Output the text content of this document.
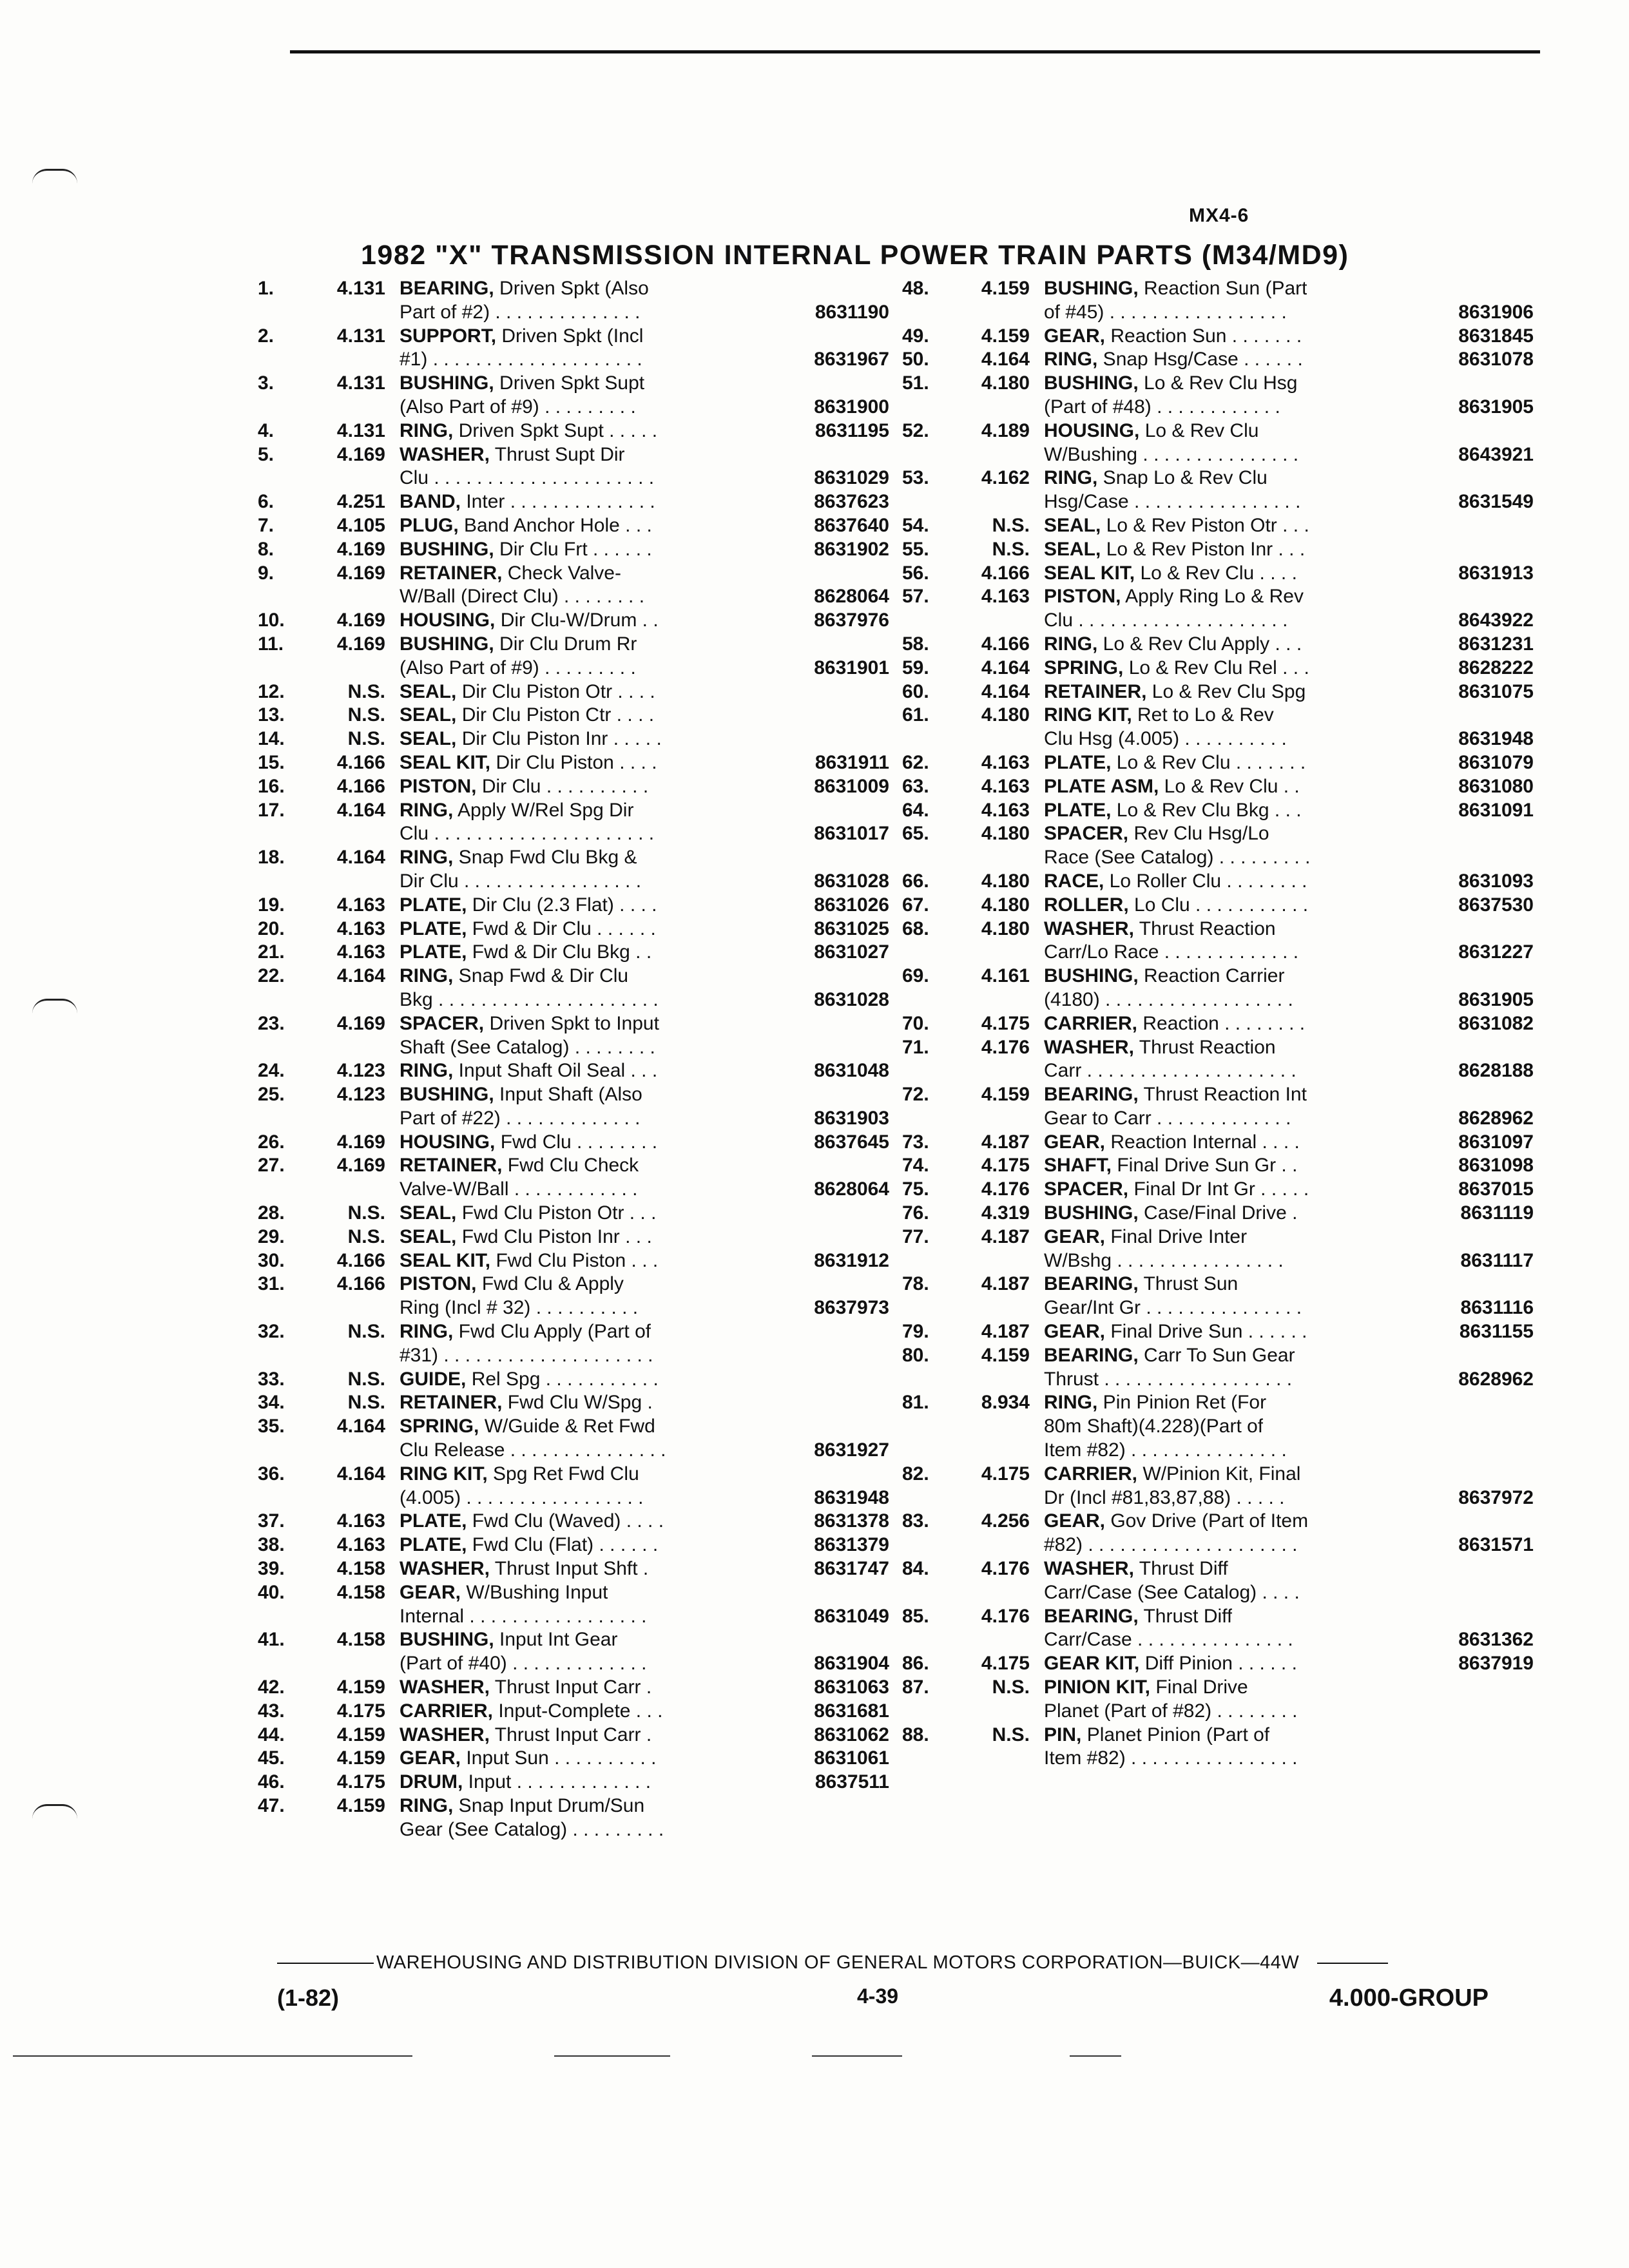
MX4-6
1982 "X" TRANSMISSION INTERNAL POWER TRAIN PARTS (M34/MD9)
1.	4.131 BEARING, Driven Spkt (Also
Part of #2) . . . . . . . . . . . . . .	8631190
2.	4.131 SUPPORT, Driven Spkt (Incl
#1) . . . . . . . . . . . . . . . . . . . .	8631967
3.	4.131 BUSHING, Driven Spkt Supt
(Also Part of #9) . . . . . . . . .	8631900
4.	4.131 RING, Driven Spkt Supt . . . . .	8631195
5.	4.169 WASHER, Thrust Supt Dir
Clu . . . . . . . . . . . . . . . . . . . . .	8631029
6.	4.251 BAND, Inter . . . . . . . . . . . . . .	8637623
7.	4.105 PLUG, Band Anchor Hole . . .	8637640
8.	4.169 BUSHING, Dir Clu Frt . . . . . .	8631902
9.	4.169 RETAINER, Check Valve-
W/Ball (Direct Clu) . . . . . . . .	8628064
10.	4.169 HOUSING, Dir Clu-W/Drum . .	8637976
11.	4.169 BUSHING, Dir Clu Drum Rr
(Also Part of #9) . . . . . . . . .	8631901
12.	N.S. SEAL, Dir Clu Piston Otr . . . .
13.	N.S. SEAL, Dir Clu Piston Ctr . . . .
14.	N.S. SEAL, Dir Clu Piston Inr . . . . .
15.	4.166 SEAL KIT, Dir Clu Piston . . . .	8631911
16.	4.166 PISTON, Dir Clu . . . . . . . . . .	8631009
17.	4.164 RING, Apply W/Rel Spg Dir
Clu . . . . . . . . . . . . . . . . . . . . .	8631017
18.	4.164 RING, Snap Fwd Clu Bkg &
Dir Clu . . . . . . . . . . . . . . . . .	8631028
19.	4.163 PLATE, Dir Clu (2.3 Flat) . . . .	8631026
20.	4.163 PLATE, Fwd & Dir Clu . . . . . .	8631025
21.	4.163 PLATE, Fwd & Dir Clu Bkg . .	8631027
22.	4.164 RING, Snap Fwd & Dir Clu
Bkg . . . . . . . . . . . . . . . . . . . . .	8631028
23.	4.169 SPACER, Driven Spkt to Input
Shaft (See Catalog) . . . . . . . .
24.	4.123 RING, Input Shaft Oil Seal . . .	8631048
25.	4.123 BUSHING, Input Shaft (Also
Part of #22) . . . . . . . . . . . . .	8631903
26.	4.169 HOUSING, Fwd Clu . . . . . . . .	8637645
27.	4.169 RETAINER, Fwd Clu Check
Valve-W/Ball . . . . . . . . . . . .	8628064
28.	N.S. SEAL, Fwd Clu Piston Otr . . .
29.	N.S. SEAL, Fwd Clu Piston Inr . . .
30.	4.166 SEAL KIT, Fwd Clu Piston . . .	8631912
31.	4.166 PISTON, Fwd Clu & Apply
Ring (Incl # 32) . . . . . . . . . .	8637973
32.	N.S. RING, Fwd Clu Apply (Part of
#31) . . . . . . . . . . . . . . . . . . . .
33.	N.S. GUIDE, Rel Spg . . . . . . . . . . .
34.	N.S. RETAINER, Fwd Clu W/Spg .
35.	4.164 SPRING, W/Guide & Ret Fwd
Clu Release . . . . . . . . . . . . . . .	8631927
36.	4.164 RING KIT, Spg Ret Fwd Clu
(4.005) . . . . . . . . . . . . . . . . .	8631948
37.	4.163 PLATE, Fwd Clu (Waved) . . . .	8631378
38.	4.163 PLATE, Fwd Clu (Flat) . . . . . .	8631379
39.	4.158 WASHER, Thrust Input Shft .	8631747
40.	4.158 GEAR, W/Bushing Input
Internal . . . . . . . . . . . . . . . . .	8631049
41.	4.158 BUSHING, Input Int Gear
(Part of #40) . . . . . . . . . . . . .	8631904
42.	4.159 WASHER, Thrust Input Carr .	8631063
43.	4.175 CARRIER, Input-Complete . . .	8631681
44.	4.159 WASHER, Thrust Input Carr .	8631062
45.	4.159 GEAR, Input Sun . . . . . . . . . .	8631061
46.	4.175 DRUM, Input . . . . . . . . . . . . .	8637511
47.	4.159 RING, Snap Input Drum/Sun
Gear (See Catalog) . . . . . . . . .
48.	4.159 BUSHING, Reaction Sun (Part
of #45) . . . . . . . . . . . . . . . . .	8631906
49.	4.159 GEAR, Reaction Sun . . . . . . .	8631845
50.	4.164 RING, Snap Hsg/Case . . . . . .	8631078
51.	4.180 BUSHING, Lo & Rev Clu Hsg
(Part of #48) . . . . . . . . . . . .	8631905
52.	4.189 HOUSING, Lo & Rev Clu
W/Bushing . . . . . . . . . . . . . . .	8643921
53.	4.162 RING, Snap Lo & Rev Clu
Hsg/Case . . . . . . . . . . . . . . . .	8631549
54.	N.S. SEAL, Lo & Rev Piston Otr . . .
55.	N.S. SEAL, Lo & Rev Piston Inr . . .
56.	4.166 SEAL KIT, Lo & Rev Clu . . . .	8631913
57.	4.163 PISTON, Apply Ring Lo & Rev
Clu . . . . . . . . . . . . . . . . . . . .	8643922
58.	4.166 RING, Lo & Rev Clu Apply . . .	8631231
59.	4.164 SPRING, Lo & Rev Clu Rel . . .	8628222
60.	4.164 RETAINER, Lo & Rev Clu Spg	8631075
61.	4.180 RING KIT, Ret to Lo & Rev
Clu Hsg (4.005) . . . . . . . . . .	8631948
62.	4.163 PLATE, Lo & Rev Clu . . . . . . .	8631079
63.	4.163 PLATE ASM, Lo & Rev Clu . .	8631080
64.	4.163 PLATE, Lo & Rev Clu Bkg . . .	8631091
65.	4.180 SPACER, Rev Clu Hsg/Lo
Race (See Catalog) . . . . . . . . .
66.	4.180 RACE, Lo Roller Clu . . . . . . . .	8631093
67.	4.180 ROLLER, Lo Clu . . . . . . . . . . .	8637530
68.	4.180 WASHER, Thrust Reaction
Carr/Lo Race . . . . . . . . . . . . .	8631227
69.	4.161 BUSHING, Reaction Carrier
(4180) . . . . . . . . . . . . . . . . . .	8631905
70.	4.175 CARRIER, Reaction . . . . . . . .	8631082
71.	4.176 WASHER, Thrust Reaction
Carr . . . . . . . . . . . . . . . . . . . .	8628188
72.	4.159 BEARING, Thrust Reaction Int
Gear to Carr . . . . . . . . . . . . .	8628962
73.	4.187 GEAR, Reaction Internal . . . .	8631097
74.	4.175 SHAFT, Final Drive Sun Gr . .	8631098
75.	4.176 SPACER, Final Dr Int Gr . . . . .	8637015
76.	4.319 BUSHING, Case/Final Drive .	8631119
77.	4.187 GEAR, Final Drive Inter
W/Bshg . . . . . . . . . . . . . . . .	8631117
78.	4.187 BEARING, Thrust Sun
Gear/Int Gr . . . . . . . . . . . . . . .	8631116
79.	4.187 GEAR, Final Drive Sun . . . . . .	8631155
80.	4.159 BEARING, Carr To Sun Gear
Thrust . . . . . . . . . . . . . . . . . .	8628962
81.	8.934 RING, Pin Pinion Ret (For
80m Shaft)(4.228)(Part of
Item #82) . . . . . . . . . . . . . . .
82.	4.175 CARRIER, W/Pinion Kit, Final
Dr (Incl #81,83,87,88) . . . . .	8637972
83.	4.256 GEAR, Gov Drive (Part of Item
#82) . . . . . . . . . . . . . . . . . . . .	8631571
84.	4.176 WASHER, Thrust Diff
Carr/Case (See Catalog) . . . .
85.	4.176 BEARING, Thrust Diff
Carr/Case . . . . . . . . . . . . . . .	8631362
86.	4.175 GEAR KIT, Diff Pinion . . . . . .	8637919
87.	N.S. PINION KIT, Final Drive
Planet (Part of #82) . . . . . . . .
88.	N.S. PIN, Planet Pinion (Part of
Item #82) . . . . . . . . . . . . . . . .
WAREHOUSING AND DISTRIBUTION DIVISION OF GENERAL MOTORS CORPORATION—BUICK—44W
(1-82)	4-39	4.000-GROUP
